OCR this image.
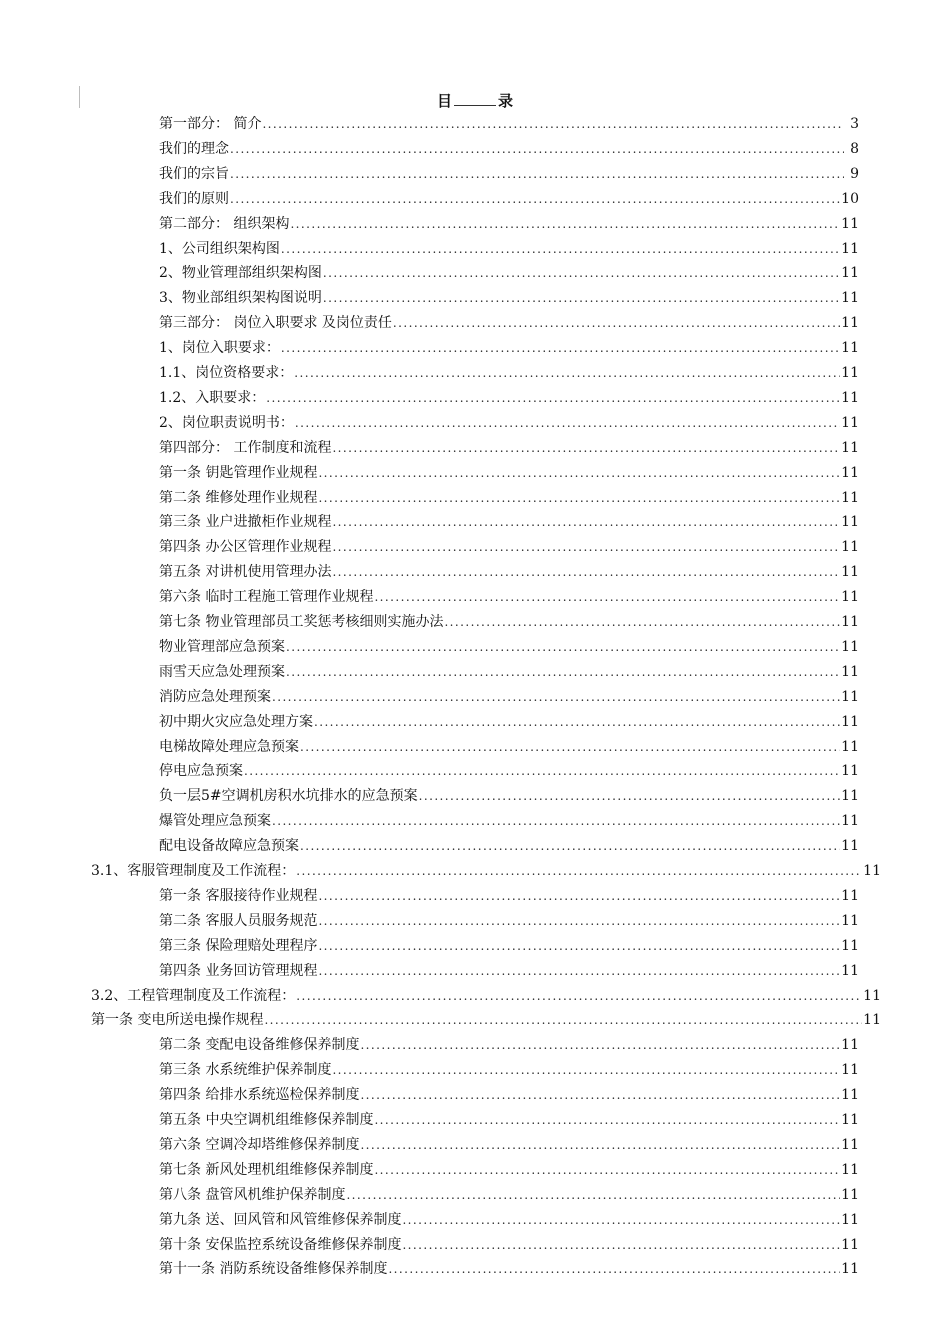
目	录
第一部分： 简介 . . .	3
我们的理念 . . .	8
我们的宗旨 . . .	9
我们的原则 . . .	10
第二部分： 组织架构 . . .	11
1、公司组织架构图 . . .	11
2、物业管理部组织架构图 . . .	11
3、物业部组织架构图说明 . . .	11
第三部分： 岗位入职要求 及岗位责任 . . .	11
1、岗位入职要求： . . .	11
1.1、岗位资格要求： . . .	11
1.2、入职要求： . . .	11
2、岗位职责说明书： . . .	11
第四部分： 工作制度和流程 . . .	11
第一条 钥匙管理作业规程 . . .	11
第二条 维修处理作业规程 . . .	11
第三条 业户进撤柜作业规程 . . .	11
第四条 办公区管理作业规程 . . .	11
第五条 对讲机使用管理办法 . . .	11
第六条 临时工程施工管理作业规程 . . .	11
第七条 物业管理部员工奖惩考核细则实施办法 . . .	11
物业管理部应急预案 . . .	11
雨雪天应急处理预案 . . .	11
消防应急处理预案 . . .	11
初中期火灾应急处理方案 . . .	11
电梯故障处理应急预案 . . .	11
停电应急预案 . . .	11
负一层5#空调机房积水坑排水的应急预案 . . .	11
爆管处理应急预案 . . .	11
配电设备故障应急预案 . . .	11
3.1、客服管理制度及工作流程： . . .	11
第一条 客服接待作业规程 . . .	11
第二条 客服人员服务规范 . . .	11
第三条 保险理赔处理程序 . . .	11
第四条 业务回访管理规程 . . .	11
3.2、工程管理制度及工作流程： . . .	11
第一条 变电所送电操作规程 . . .	11
第二条 变配电设备维修保养制度 . . .	11
第三条 水系统维护保养制度 . . .	11
第四条 给排水系统巡检保养制度 . . .	11
第五条 中央空调机组维修保养制度 . . .	11
第六条 空调冷却塔维修保养制度 . . .	11
第七条 新风处理机组维修保养制度 . . .	11
第八条 盘管风机维护保养制度 . . .	11
第九条 送、回风管和风管维修保养制度 . . .	11
第十条 安保监控系统设备维修保养制度 . . .	11
第十一条 消防系统设备维修保养制度 . . .	11
